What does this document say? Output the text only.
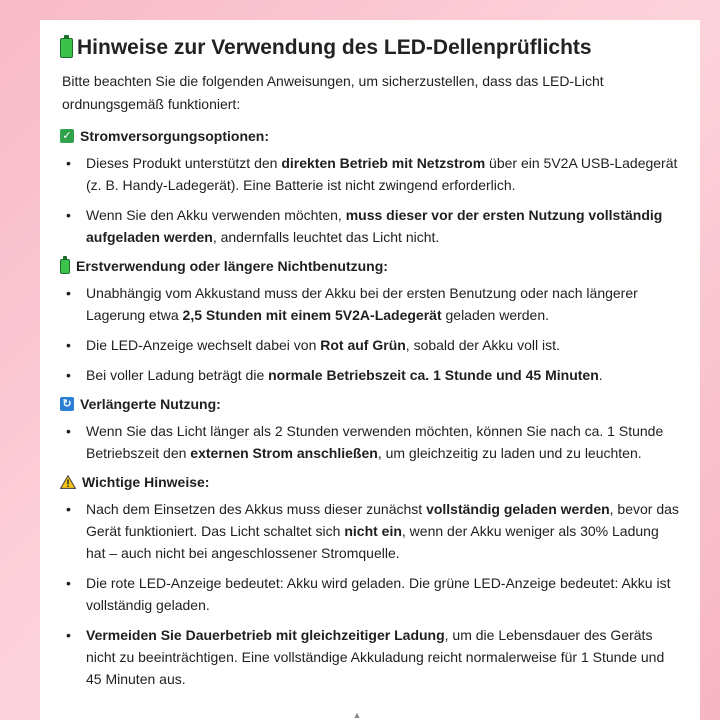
Hinweise zur Verwendung des LED-Dellenprüflichts

Bitte beachten Sie die folgenden Anweisungen, um sicherzustellen, dass das LED-Licht ordnungsgemäß funktioniert:

✓ Stromversorgungsoptionen:
• Dieses Produkt unterstützt den direkten Betrieb mit Netzstrom über ein 5V2A USB-Ladegerät (z. B. Handy-Ladegerät). Eine Batterie ist nicht zwingend erforderlich.
• Wenn Sie den Akku verwenden möchten, muss dieser vor der ersten Nutzung vollständig aufgeladen werden, andernfalls leuchtet das Licht nicht.
Erstverwendung oder längere Nichtbenutzung:
• Unabhängig vom Akkustand muss der Akku bei der ersten Benutzung oder nach längerer Lagerung etwa 2,5 Stunden mit einem 5V2A-Ladegerät geladen werden.
• Die LED-Anzeige wechselt dabei von Rot auf Grün, sobald der Akku voll ist.
• Bei voller Ladung beträgt die normale Betriebszeit ca. 1 Stunde und 45 Minuten.
↻ Verlängerte Nutzung:
• Wenn Sie das Licht länger als 2 Stunden verwenden möchten, können Sie nach ca. 1 Stunde Betriebszeit den externen Strom anschließen, um gleichzeitig zu laden und zu leuchten.
Wichtige Hinweise:
• Nach dem Einsetzen des Akkus muss dieser zunächst vollständig geladen werden, bevor das Gerät funktioniert. Das Licht schaltet sich nicht ein, wenn der Akku weniger als 30% Ladung hat – auch nicht bei angeschlossener Stromquelle.
• Die rote LED-Anzeige bedeutet: Akku wird geladen. Die grüne LED-Anzeige bedeutet: Akku ist vollständig geladen.
• Vermeiden Sie Dauerbetrieb mit gleichzeitiger Ladung, um die Lebensdauer des Geräts nicht zu beeinträchtigen. Eine vollständige Akkuladung reicht normalerweise für 1 Stunde und 45 Minuten aus.
▲
